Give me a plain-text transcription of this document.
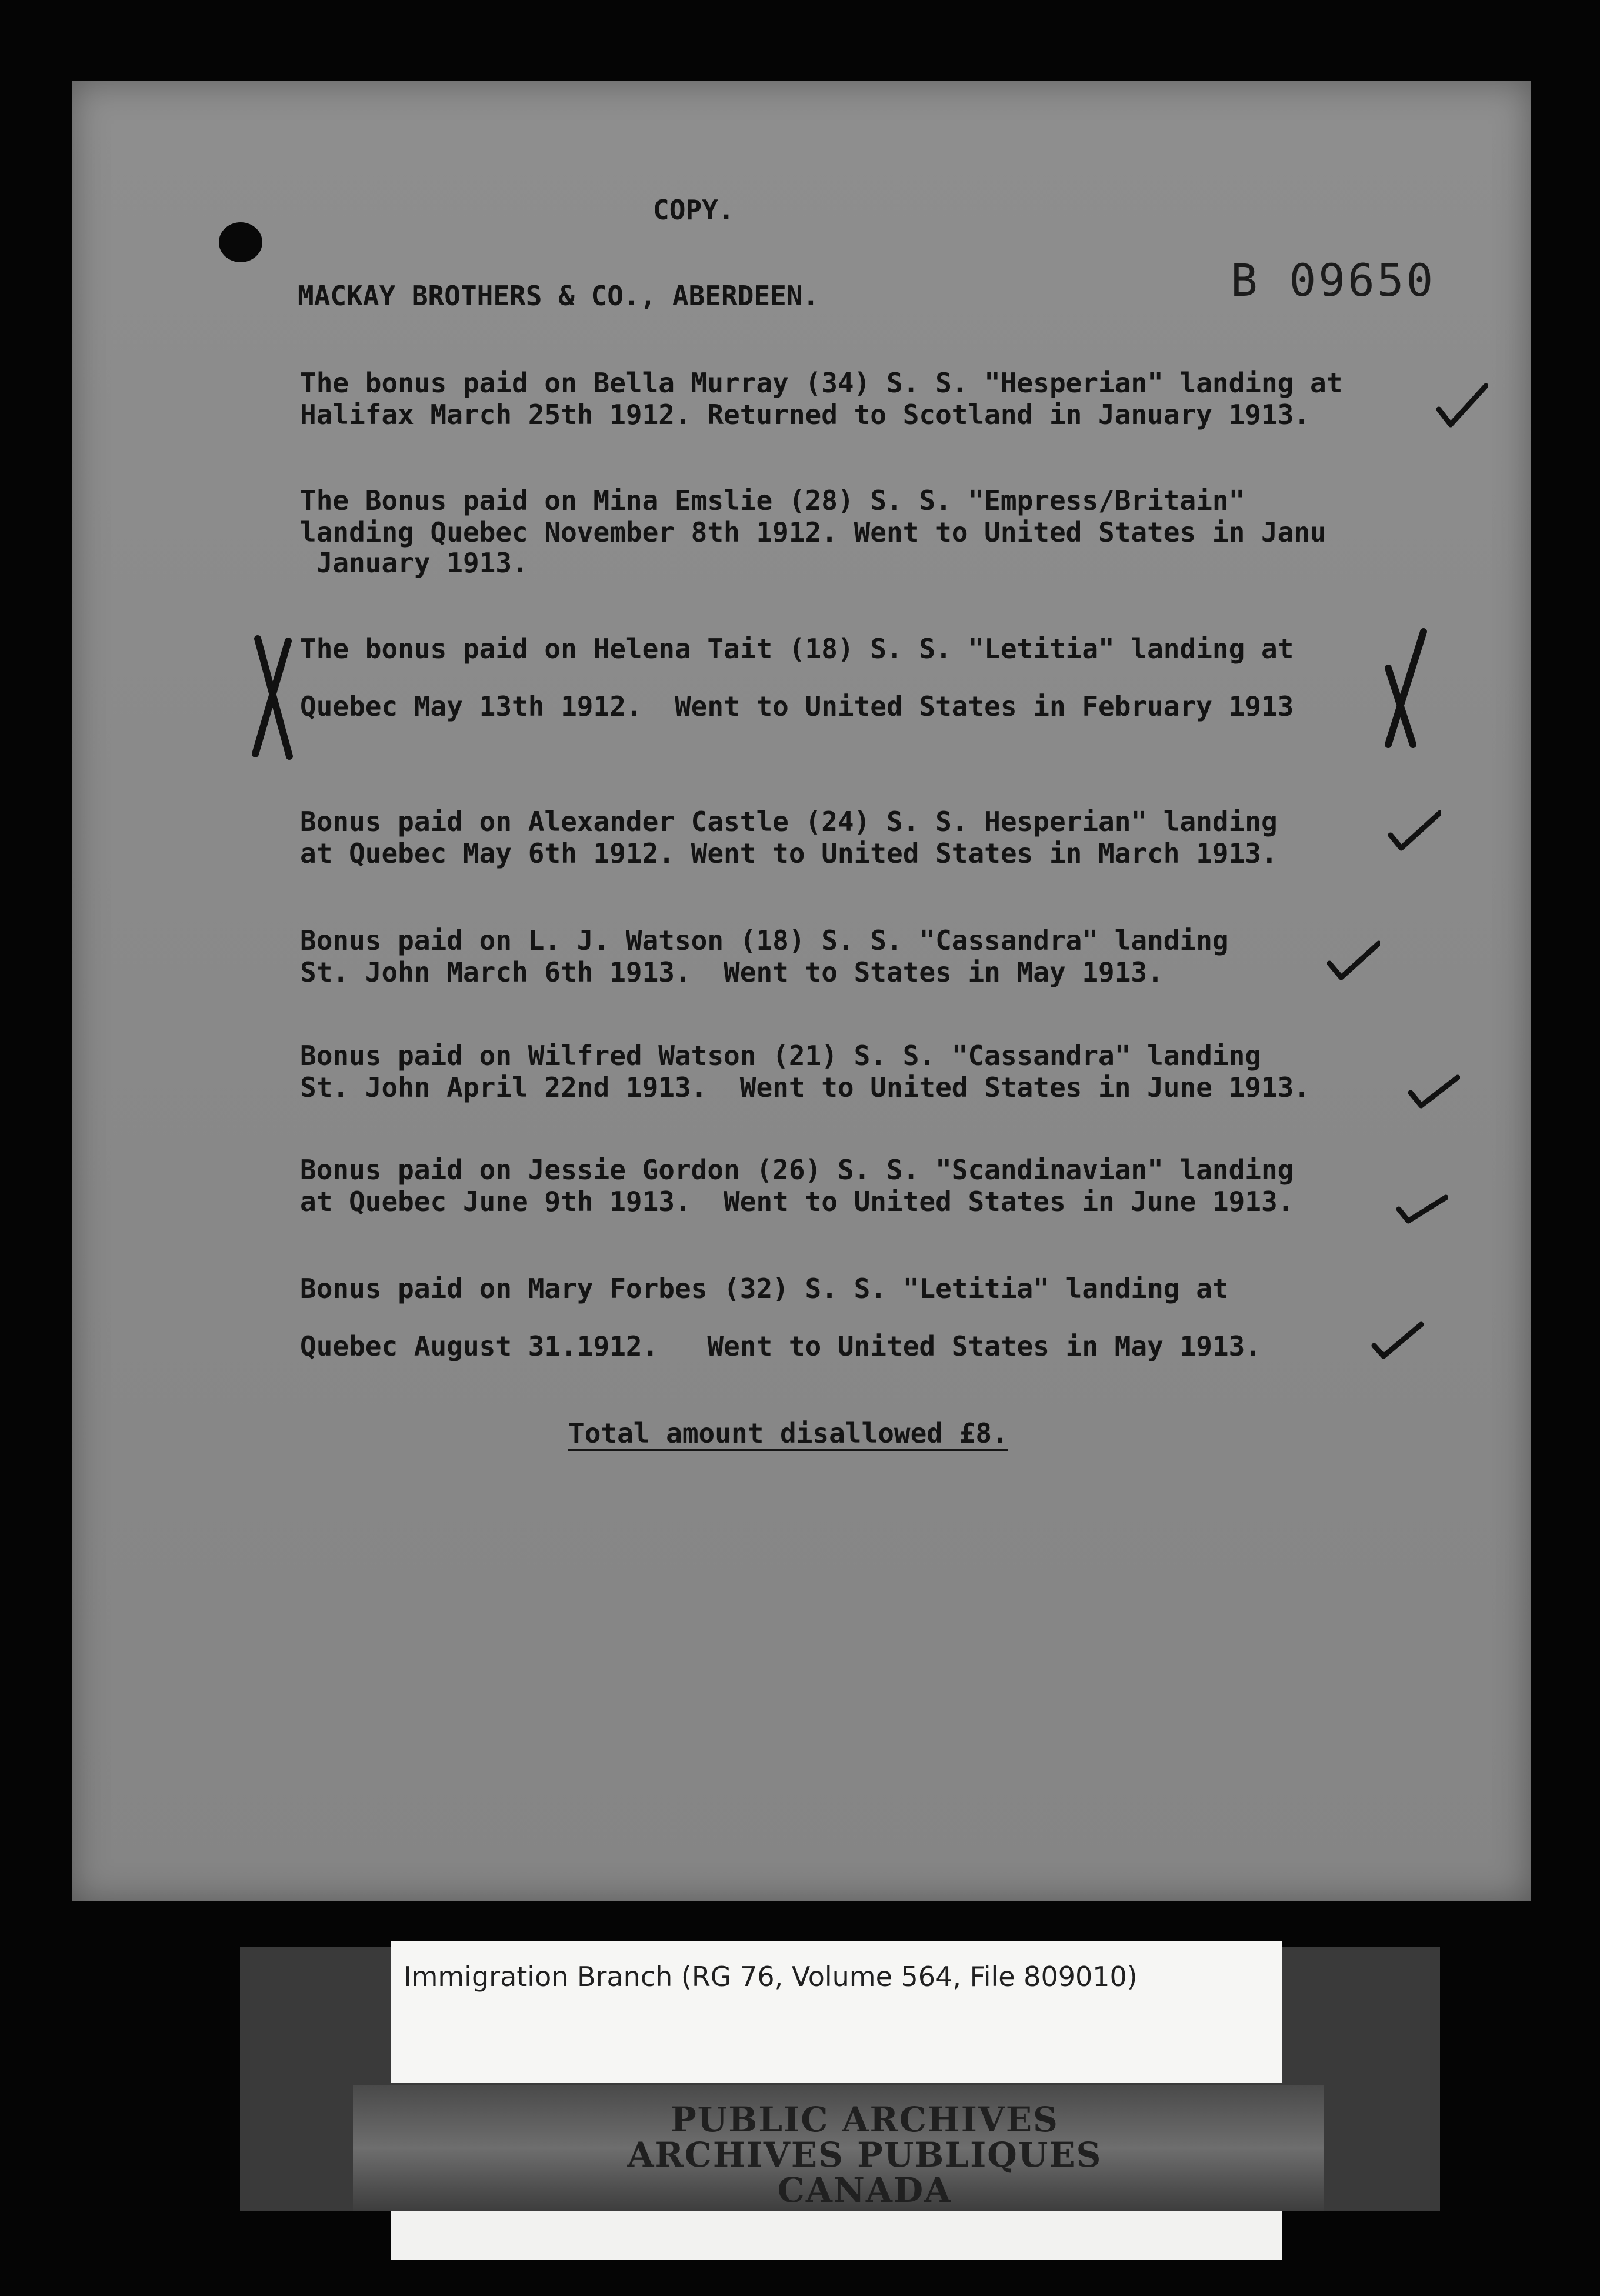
COPY.
MACKAY BROTHERS & CO., ABERDEEN.	B 09650
The bonus paid on Bella Murray (34) S. S. "Hesperian" landing at
Halifax March 25th 1912. Returned to Scotland in January 1913.
The Bonus paid on Mina Emslie (28) S. S. "Empress/Britain"
landing Quebec November 8th 1912. Went to United States in Janu
January 1913.
The bonus paid on Helena Tait (18) S. S. "Letitia" landing at
Quebec May 13th 1912.  Went to United States in February 1913
Bonus paid on Alexander Castle (24) S. S. Hesperian" landing
at Quebec May 6th 1912. Went to United States in March 1913.
Bonus paid on L. J. Watson (18) S. S. "Cassandra" landing
St. John March 6th 1913.  Went to States in May 1913.
Bonus paid on Wilfred Watson (21) S. S. "Cassandra" landing
St. John April 22nd 1913.  Went to United States in June 1913.
Bonus paid on Jessie Gordon (26) S. S. "Scandinavian" landing
at Quebec June 9th 1913.  Went to United States in June 1913.
Bonus paid on Mary Forbes (32) S. S. "Letitia" landing at
Quebec August 31.1912.   Went to United States in May 1913.
Total amount disallowed £8.
PUBLIC ARCHIVES
ARCHIVES PUBLIQUES
CANADA
Immigration Branch (RG 76, Volume 564, File 809010)
